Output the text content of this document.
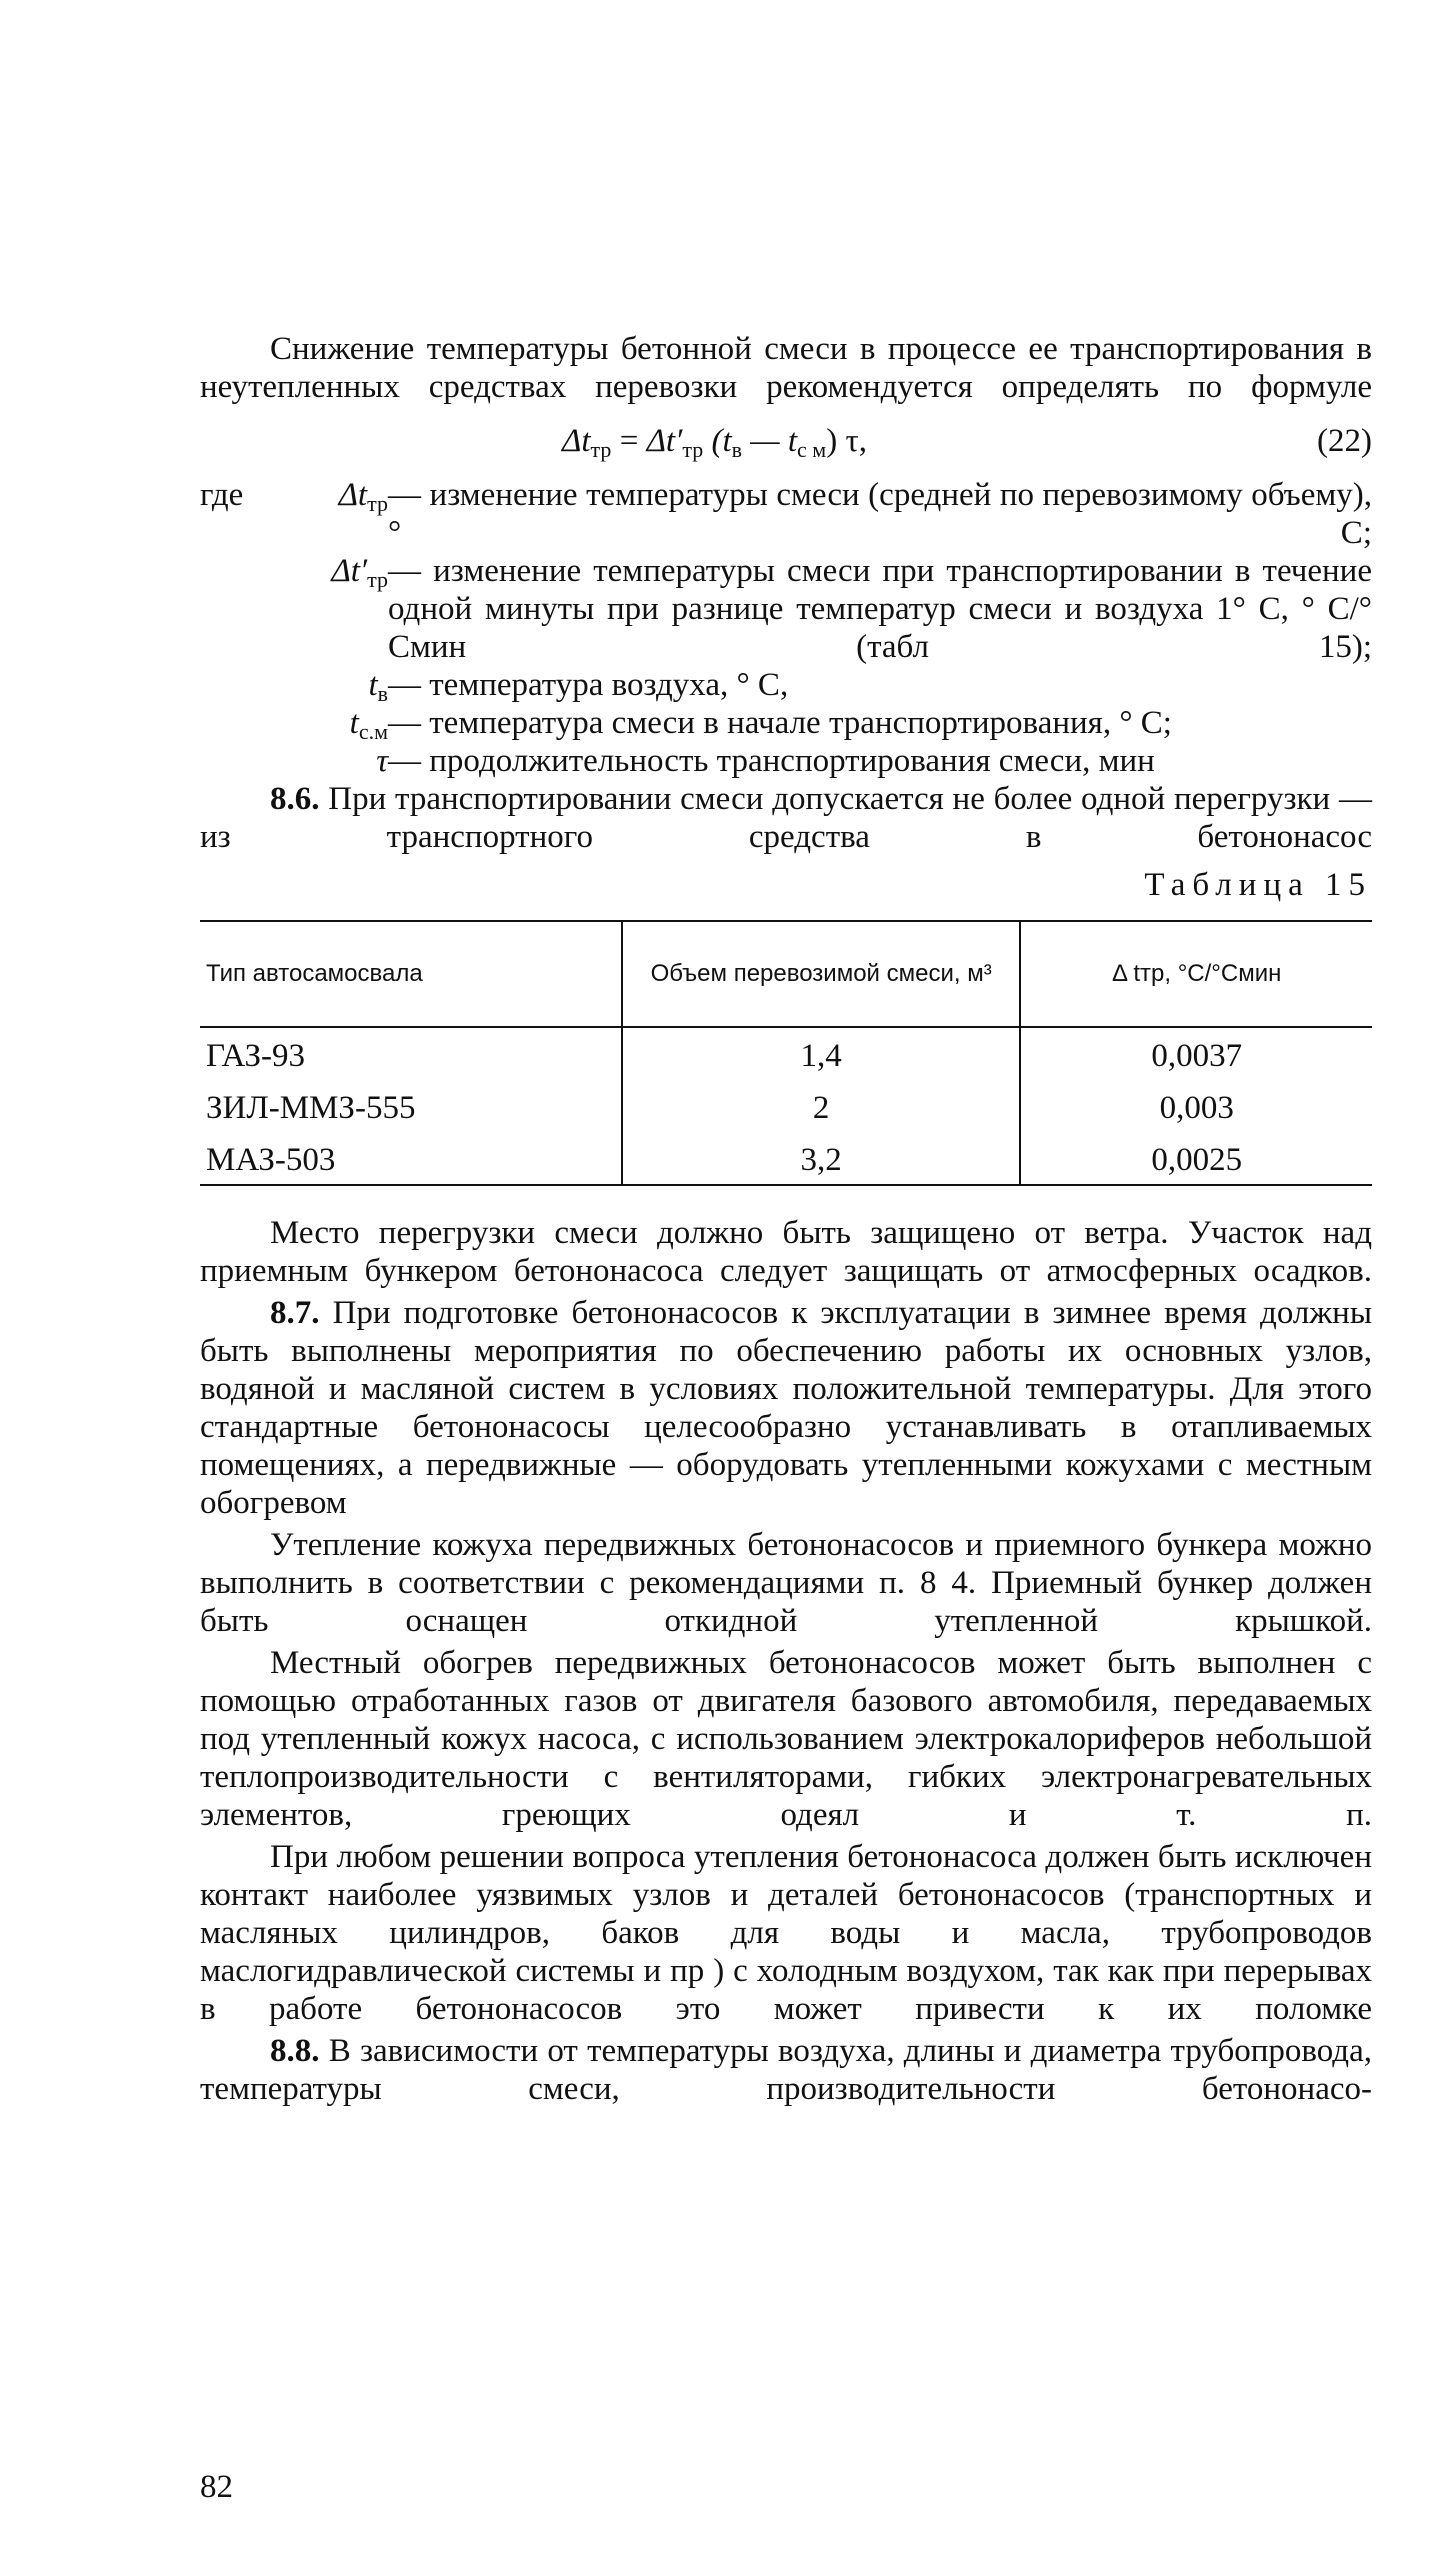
Снижение температуры бетонной смеси в процессе ее транспортирования в неутепленных средствах перевозки рекомендуется определять по формуле

$\Delta t_{тр} = \Delta t'_{тр}$ ($t_в$ — $t_{с м}$) τ,	(22)
где	$\Delta t_{тр}$ — изменение температуры смеси (средней по перевозимому объему), ° С;
$\Delta t'_{тр}$ — изменение температуры смеси при транспортировании в течение одной минуты при разнице температур смеси и воздуха 1° С, ° С/° Смин (табл 15);
$t_в$ — температура воздуха, ° С,
$t_{с.м}$ — температура смеси в начале транспортирования, ° С;
τ — продолжительность транспортирования смеси, мин

8.6. При транспортировании смеси допускается не более одной перегрузки — из транспортного средства в бетононасос

Таблица 15
Тип автосамосвала	Объем перевозимой смеси, м³	Δ tтр, °С/°Смин
ГАЗ-93	1,4	0,0037
ЗИЛ-ММЗ-555	2	0,003
МАЗ-503	3,2	0,0025

Место перегрузки смеси должно быть защищено от ветра. Участок над приемным бункером бетононасоса следует защищать от атмосферных осадков.

8.7. При подготовке бетононасосов к эксплуатации в зимнее время должны быть выполнены мероприятия по обеспечению работы их основных узлов, водяной и масляной систем в условиях положительной температуры. Для этого стандартные бетононасосы целесообразно устанавливать в отапливаемых помещениях, а передвижные — оборудовать утепленными кожухами с местным обогревом

Утепление кожуха передвижных бетононасосов и приемного бункера можно выполнить в соответствии с рекомендациями п. 8 4. Приемный бункер должен быть оснащен откидной утепленной крышкой.

Местный обогрев передвижных бетононасосов может быть выполнен с помощью отработанных газов от двигателя базового автомобиля, передаваемых под утепленный кожух насоса, с использованием электрокалориферов небольшой теплопроизводительности с вентиляторами, гибких электронагревательных элементов, греющих одеял и т. п.

При любом решении вопроса утепления бетононасоса должен быть исключен контакт наиболее уязвимых узлов и деталей бетононасосов (транспортных и масляных цилиндров, баков для воды и масла, трубопроводов маслогидравлической системы и пр ) с холодным воздухом, так как при перерывах в работе бетононасосов это может привести к их поломке

8.8. В зависимости от температуры воздуха, длины и диаметра трубопровода, температуры смеси, производительности бетононасо-

82
